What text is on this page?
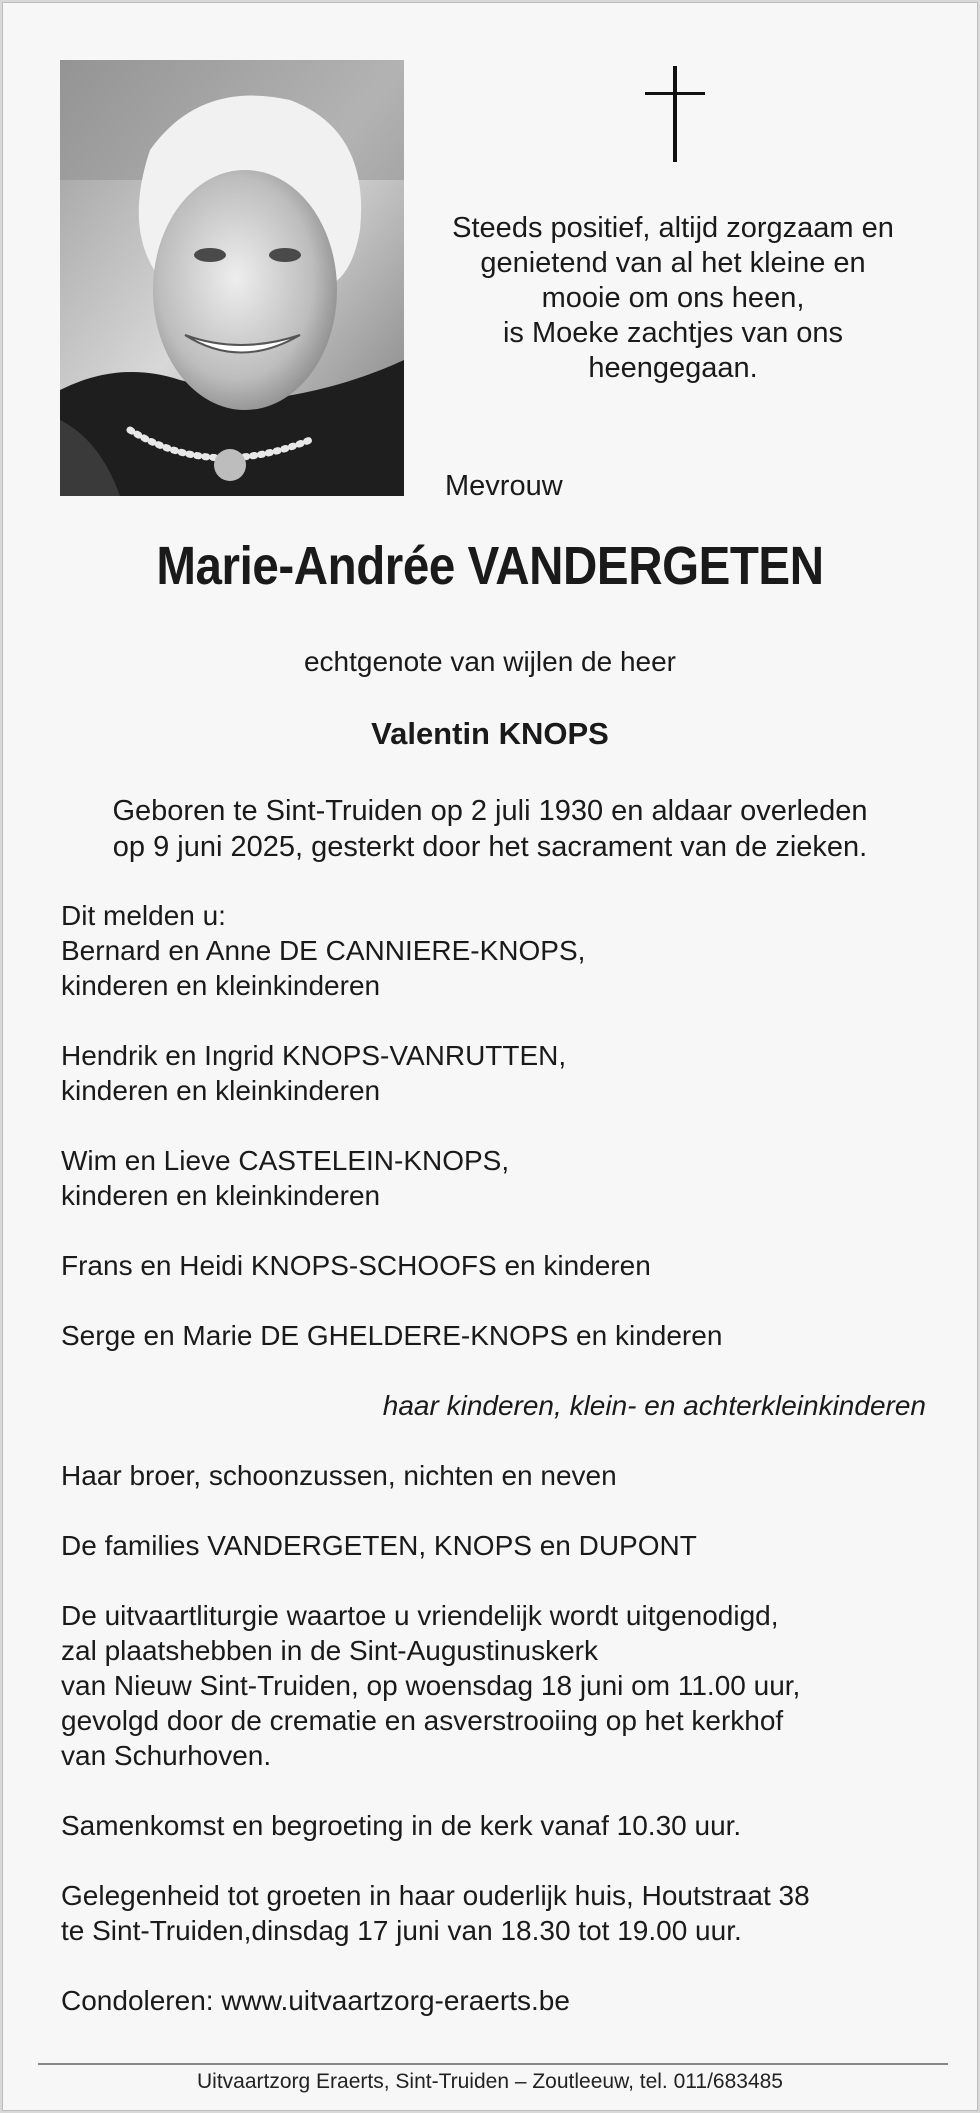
Steeds positief, altijd zorgzaam en
genietend van al het kleine en
mooie om ons heen,
is Moeke zachtjes van ons
heengegaan.
Mevrouw
Marie-Andrée VANDERGETEN
echtgenote van wijlen de heer
Valentin KNOPS
Geboren te Sint-Truiden op 2 juli 1930 en aldaar overleden
op 9 juni 2025, gesterkt door het sacrament van de zieken.
Dit melden u:
Bernard en Anne DE CANNIERE-KNOPS,
kinderen en kleinkinderen
Hendrik en Ingrid KNOPS-VANRUTTEN,
kinderen en kleinkinderen
Wim en Lieve CASTELEIN-KNOPS,
kinderen en kleinkinderen
Frans en Heidi KNOPS-SCHOOFS en kinderen
Serge en Marie DE GHELDERE-KNOPS en kinderen
haar kinderen, klein- en achterkleinkinderen
Haar broer, schoonzussen, nichten en neven
De families VANDERGETEN, KNOPS en DUPONT
De uitvaartliturgie waartoe u vriendelijk wordt uitgenodigd,
zal plaatshebben in de Sint-Augustinuskerk
van Nieuw Sint-Truiden, op woensdag 18 juni om 11.00 uur,
gevolgd door de crematie en asverstrooiing op het kerkhof
van Schurhoven.
Samenkomst en begroeting in de kerk vanaf 10.30 uur.
Gelegenheid tot groeten in haar ouderlijk huis, Houtstraat 38
te Sint-Truiden,dinsdag 17 juni van 18.30 tot 19.00 uur.
Condoleren: www.uitvaartzorg-eraerts.be
Uitvaartzorg Eraerts, Sint-Truiden – Zoutleeuw, tel. 011/683485
